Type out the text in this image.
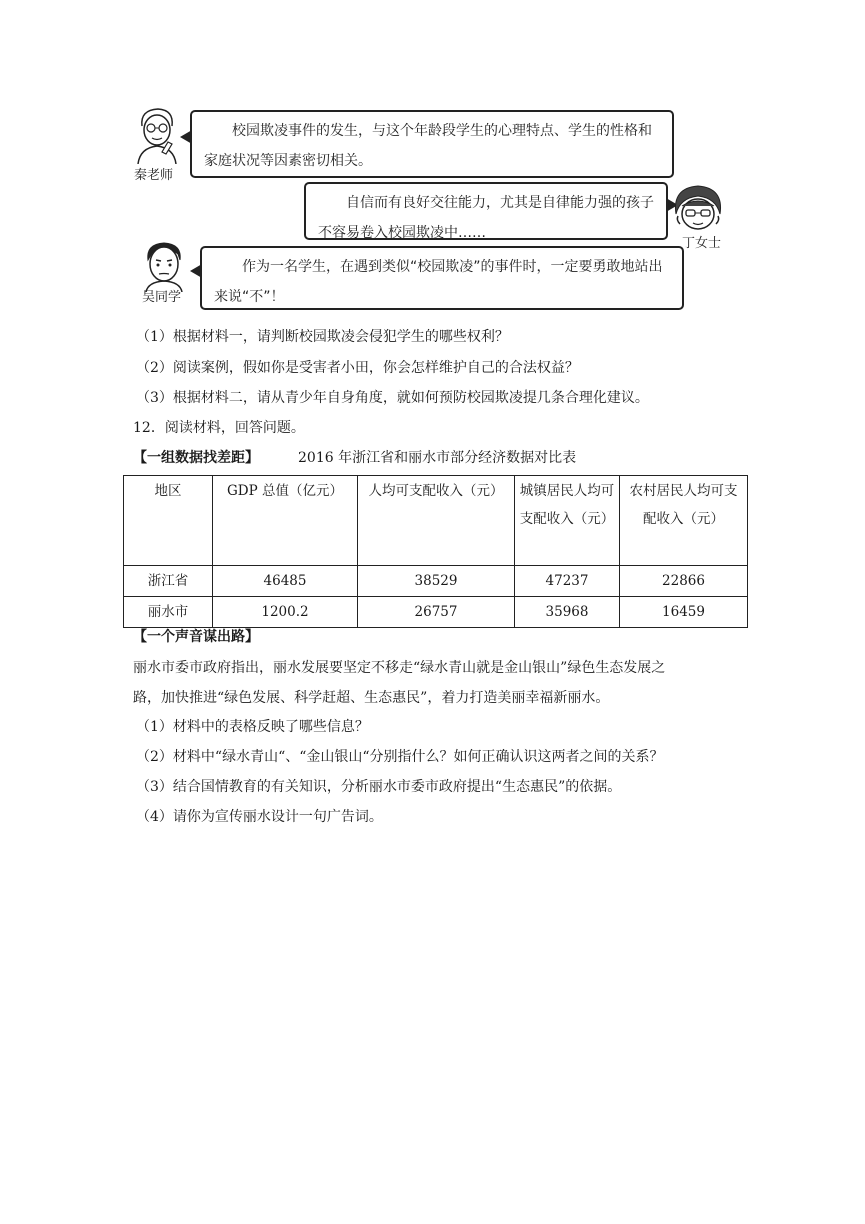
秦老师
校园欺凌事件的发生，与这个年龄段学生的心理特点、学生的性格和家庭状况等因素密切相关。
自信而有良好交往能力，尤其是自律能力强的孩子不容易卷入校园欺凌中……
作为一名学生，在遇到类似“校园欺凌”的事件时，一定要勇敢地站出来说“不”！
吴同学
丁女士
（1）根据材料一，请判断校园欺凌会侵犯学生的哪些权利？
（2）阅读案例，假如你是受害者小田，你会怎样维护自己的合法权益？
（3）根据材料二，请从青少年自身角度，就如何预防校园欺凌提几条合理化建议。
12．阅读材料，回答问题。
【一组数据找差距】	2016 年浙江省和丽水市部分经济数据对比表
地区	GDP 总值（亿元）	人均可支配收入（元）	城镇居民人均可支配收入（元）	农村居民人均可支配收入（元）
浙江省	46485	38529	47237	22866
丽水市	1200.2	26757	35968	16459
【一个声音谋出路】
丽水市委市政府指出，丽水发展要坚定不移走“绿水青山就是金山银山”绿色生态发展之
路，加快推进“绿色发展、科学赶超、生态惠民”，着力打造美丽幸福新丽水。
（1）材料中的表格反映了哪些信息？
（2）材料中“绿水青山“、“金山银山“分别指什么？如何正确认识这两者之间的关系？
（3）结合国情教育的有关知识，分析丽水市委市政府提出“生态惠民”的依据。
（4）请你为宣传丽水设计一句广告词。
